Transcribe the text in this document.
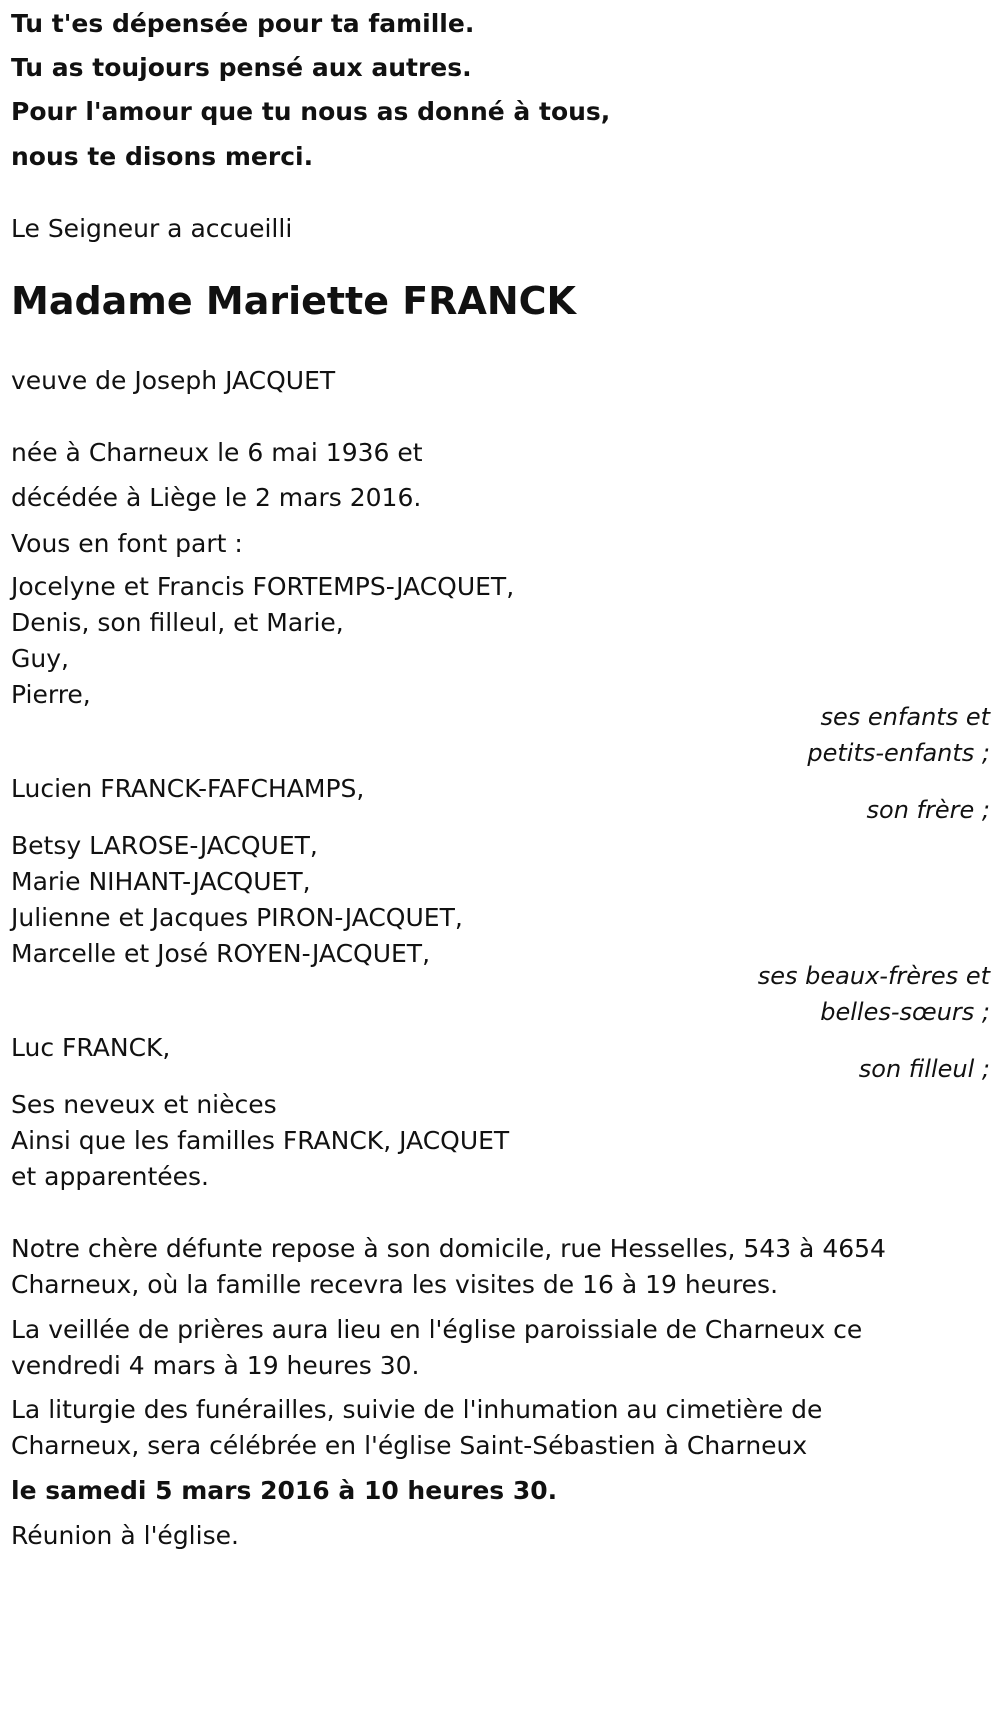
Tu t'es dépensée pour ta famille.
Tu as toujours pensé aux autres.
Pour l'amour que tu nous as donné à tous,
nous te disons merci.
Le Seigneur a accueilli
Madame Mariette FRANCK
veuve de Joseph JACQUET
née à Charneux le 6 mai 1936 et
décédée à Liège le 2 mars 2016.
Vous en font part :
Jocelyne et Francis FORTEMPS-JACQUET,
Denis, son filleul, et Marie,
Guy,
Pierre,
ses enfants et
petits-enfants ;
Lucien FRANCK-FAFCHAMPS,
son frère ;
Betsy LAROSE-JACQUET,
Marie NIHANT-JACQUET,
Julienne et Jacques PIRON-JACQUET,
Marcelle et José ROYEN-JACQUET,
ses beaux-frères et
belles-sœurs ;
Luc FRANCK,
son filleul ;
Ses neveux et nièces
Ainsi que les familles FRANCK, JACQUET
et apparentées.
Notre chère défunte repose à son domicile, rue Hesselles, 543 à 4654
Charneux, où la famille recevra les visites de 16 à 19 heures.
La veillée de prières aura lieu en l'église paroissiale de Charneux ce
vendredi 4 mars à 19 heures 30.
La liturgie des funérailles, suivie de l'inhumation au cimetière de
Charneux, sera célébrée en l'église Saint-Sébastien à Charneux
le samedi 5 mars 2016 à 10 heures 30.
Réunion à l'église.
